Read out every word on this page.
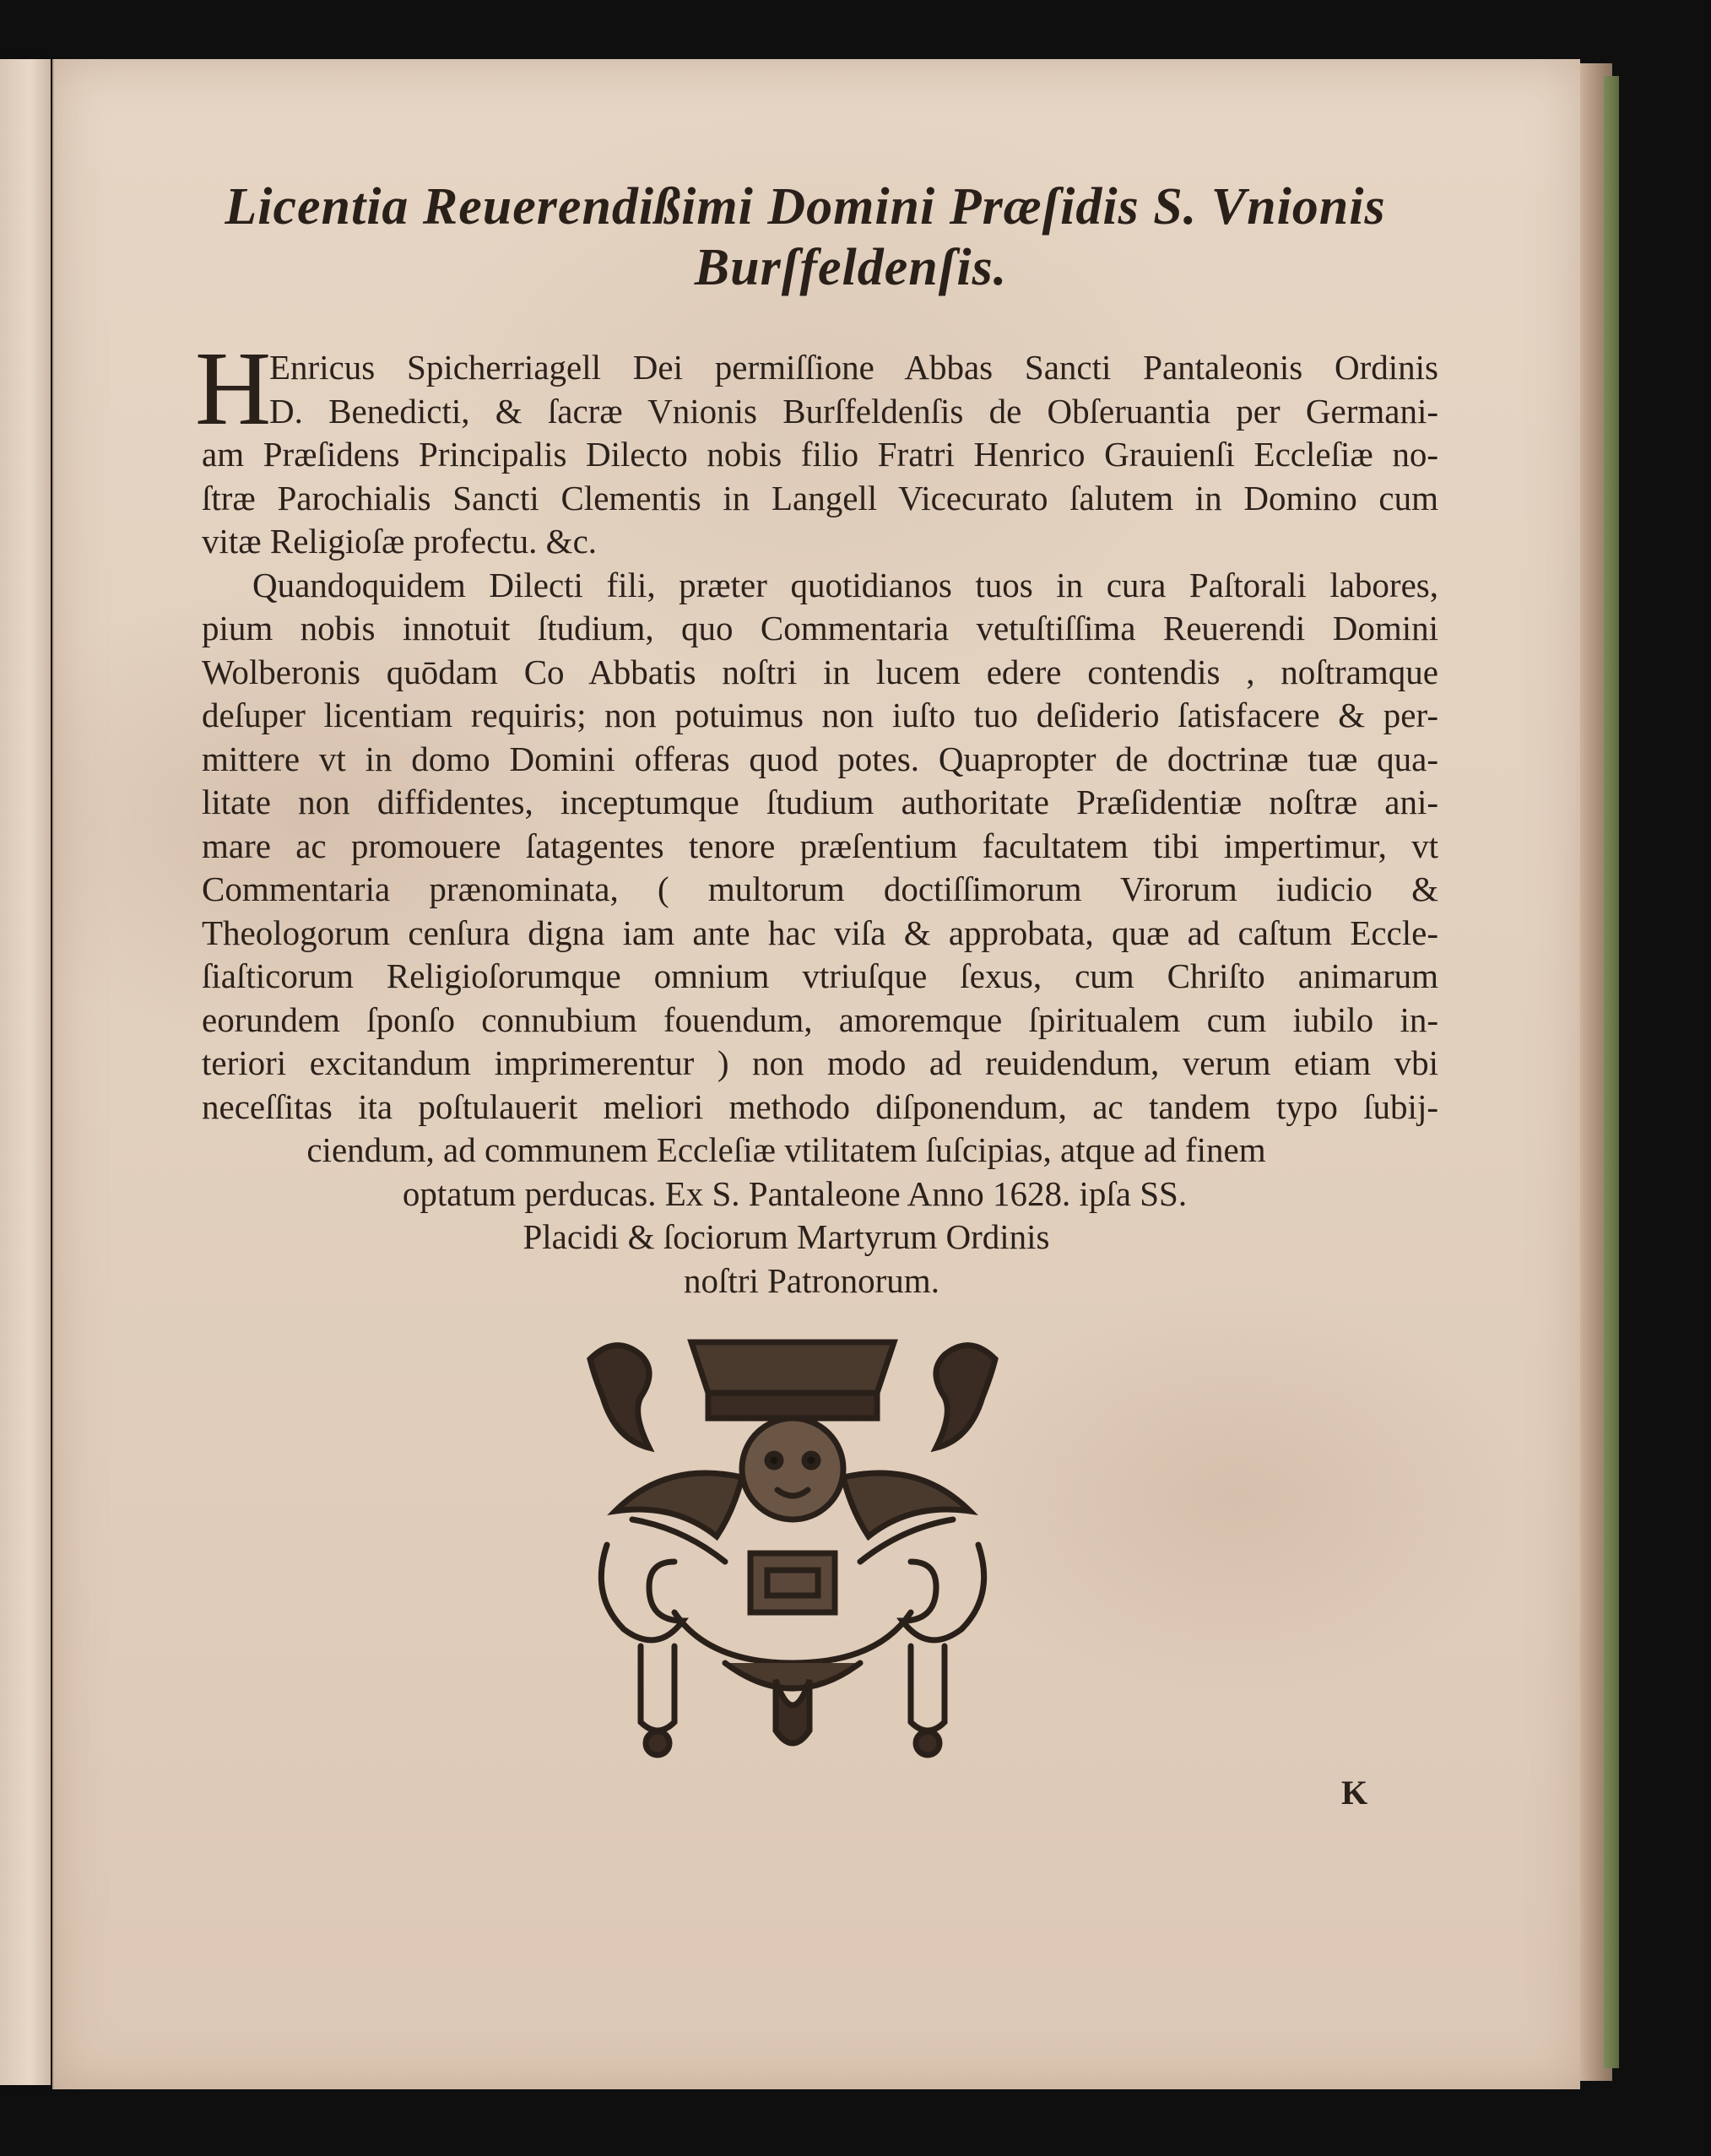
Licentia Reuerendißimi Domini Præſidis S. Vnionis
Burſfeldenſis.
H
Enricus Spicherriagell Dei permiſſione Abbas Sancti Pantaleonis Ordinis
D. Benedicti, & ſacræ Vnionis Burſfeldenſis de Obſeruantia per Germani-
am Præſidens Principalis Dilecto nobis filio Fratri Henrico Grauienſi Eccleſiæ no-
ſtræ Parochialis Sancti Clementis in Langell Vicecurato ſalutem in Domino cum
vitæ Religioſæ profectu. &c.
Quandoquidem Dilecti fili, præter quotidianos tuos in cura Paſtorali labores,
pium nobis innotuit ſtudium, quo Commentaria vetuſtiſſima Reuerendi Domini
Wolberonis quōdam Co Abbatis noſtri in lucem edere contendis , noſtramque
deſuper licentiam requiris; non potuimus non iuſto tuo deſiderio ſatisfacere & per-
mittere vt in domo Domini offeras quod potes. Quapropter de doctrinæ tuæ qua-
litate non diffidentes, inceptumque ſtudium authoritate Præſidentiæ noſtræ ani-
mare ac promouere ſatagentes tenore præſentium facultatem tibi impertimur, vt
Commentaria prænominata, ( multorum doctiſſimorum Virorum iudicio &
Theologorum cenſura digna iam ante hac viſa & approbata, quæ ad caſtum Eccle-
ſiaſticorum Religioſorumque omnium vtriuſque ſexus, cum Chriſto animarum
eorundem ſponſo connubium fouendum, amoremque ſpiritualem cum iubilo in-
teriori excitandum imprimerentur ) non modo ad reuidendum, verum etiam vbi
neceſſitas ita poſtulauerit meliori methodo diſponendum, ac tandem typo ſubij-
ciendum, ad communem Eccleſiæ vtilitatem ſuſcipias, atque ad finem
optatum perducas. Ex S. Pantaleone Anno 1628. ipſa SS.
Placidi & ſociorum Martyrum Ordinis
noſtri Patronorum.
K
